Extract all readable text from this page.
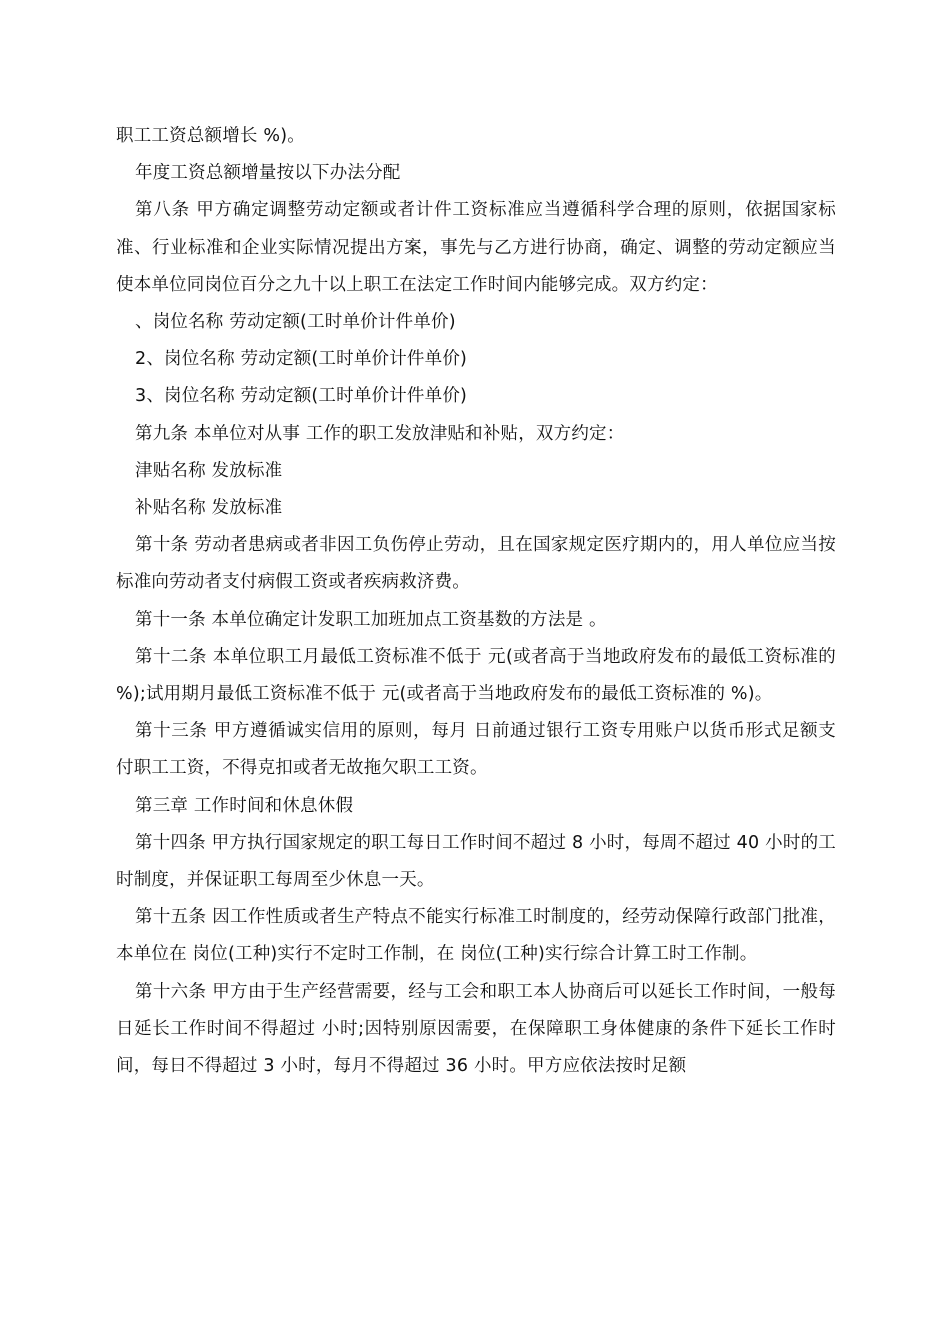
职工工资总额增长 %)。

年度工资总额增量按以下办法分配

第八条 甲方确定调整劳动定额或者计件工资标准应当遵循科学合理的原则，依据国家标准、行业标准和企业实际情况提出方案，事先与乙方进行协商，确定、调整的劳动定额应当使本单位同岗位百分之九十以上职工在法定工作时间内能够完成。双方约定：

、岗位名称 劳动定额(工时单价计件单价)

2、岗位名称 劳动定额(工时单价计件单价)

3、岗位名称 劳动定额(工时单价计件单价)

第九条 本单位对从事 工作的职工发放津贴和补贴，双方约定：

津贴名称 发放标准

补贴名称 发放标准

第十条 劳动者患病或者非因工负伤停止劳动，且在国家规定医疗期内的，用人单位应当按 标准向劳动者支付病假工资或者疾病救济费。

第十一条 本单位确定计发职工加班加点工资基数的方法是 。

第十二条 本单位职工月最低工资标准不低于 元(或者高于当地政府发布的最低工资标准的 %);试用期月最低工资标准不低于 元(或者高于当地政府发布的最低工资标准的 %)。

第十三条 甲方遵循诚实信用的原则，每月 日前通过银行工资专用账户以货币形式足额支付职工工资，不得克扣或者无故拖欠职工工资。

第三章 工作时间和休息休假

第十四条 甲方执行国家规定的职工每日工作时间不超过 8 小时，每周不超过 40 小时的工时制度，并保证职工每周至少休息一天。

第十五条 因工作性质或者生产特点不能实行标准工时制度的，经劳动保障行政部门批准，本单位在 岗位(工种)实行不定时工作制，在 岗位(工种)实行综合计算工时工作制。

第十六条 甲方由于生产经营需要，经与工会和职工本人协商后可以延长工作时间，一般每日延长工作时间不得超过 小时;因特别原因需要，在保障职工身体健康的条件下延长工作时间，每日不得超过 3 小时，每月不得超过 36 小时。甲方应依法按时足额
